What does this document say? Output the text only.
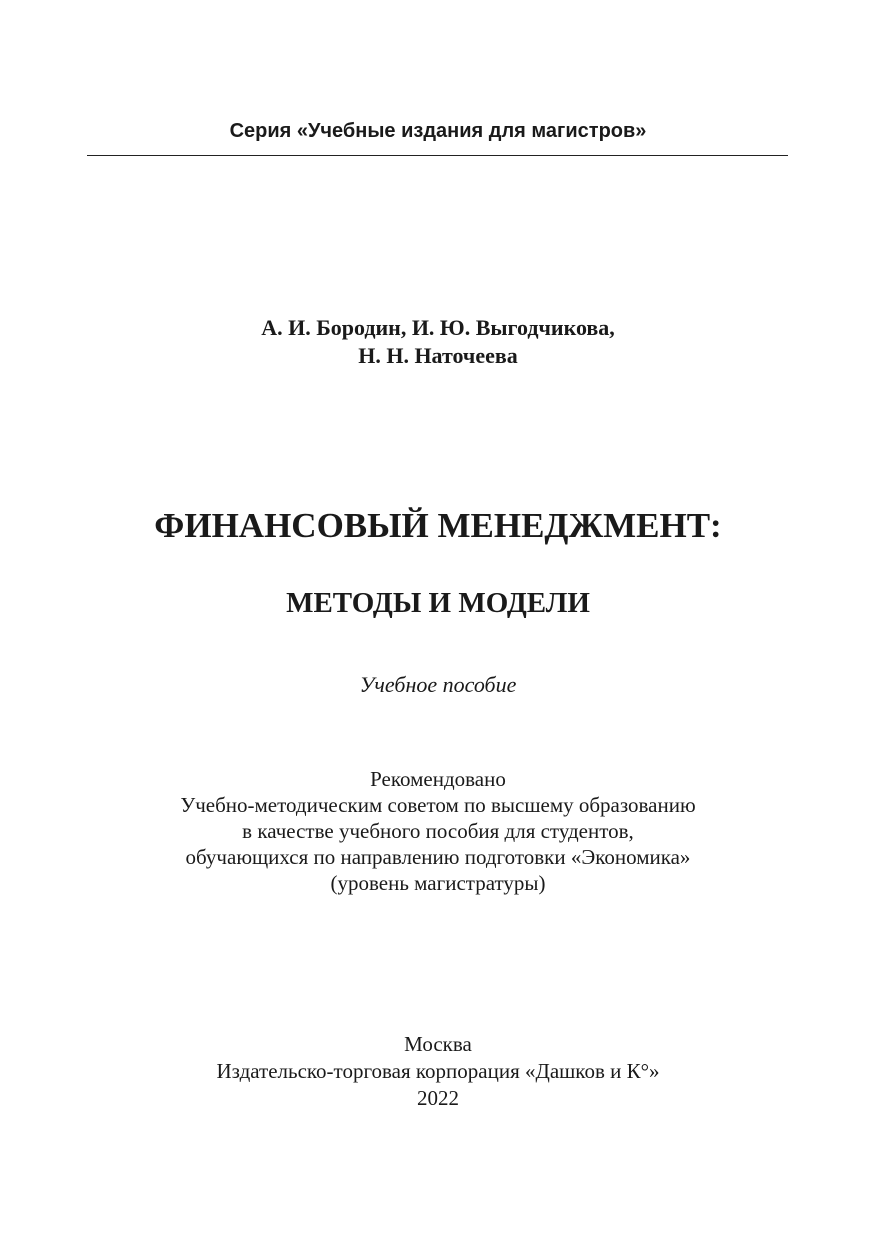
Серия «Учебные издания для магистров»
А. И. Бородин, И. Ю. Выгодчикова,
Н. Н. Наточеева
ФИНАНСОВЫЙ МЕНЕДЖМЕНТ:
МЕТОДЫ И МОДЕЛИ
Учебное пособие
Рекомендовано
Учебно-методическим советом по высшему образованию
в качестве учебного пособия для студентов,
обучающихся по направлению подготовки «Экономика»
(уровень магистратуры)
Москва
Издательско-торговая корпорация «Дашков и К°»
2022
